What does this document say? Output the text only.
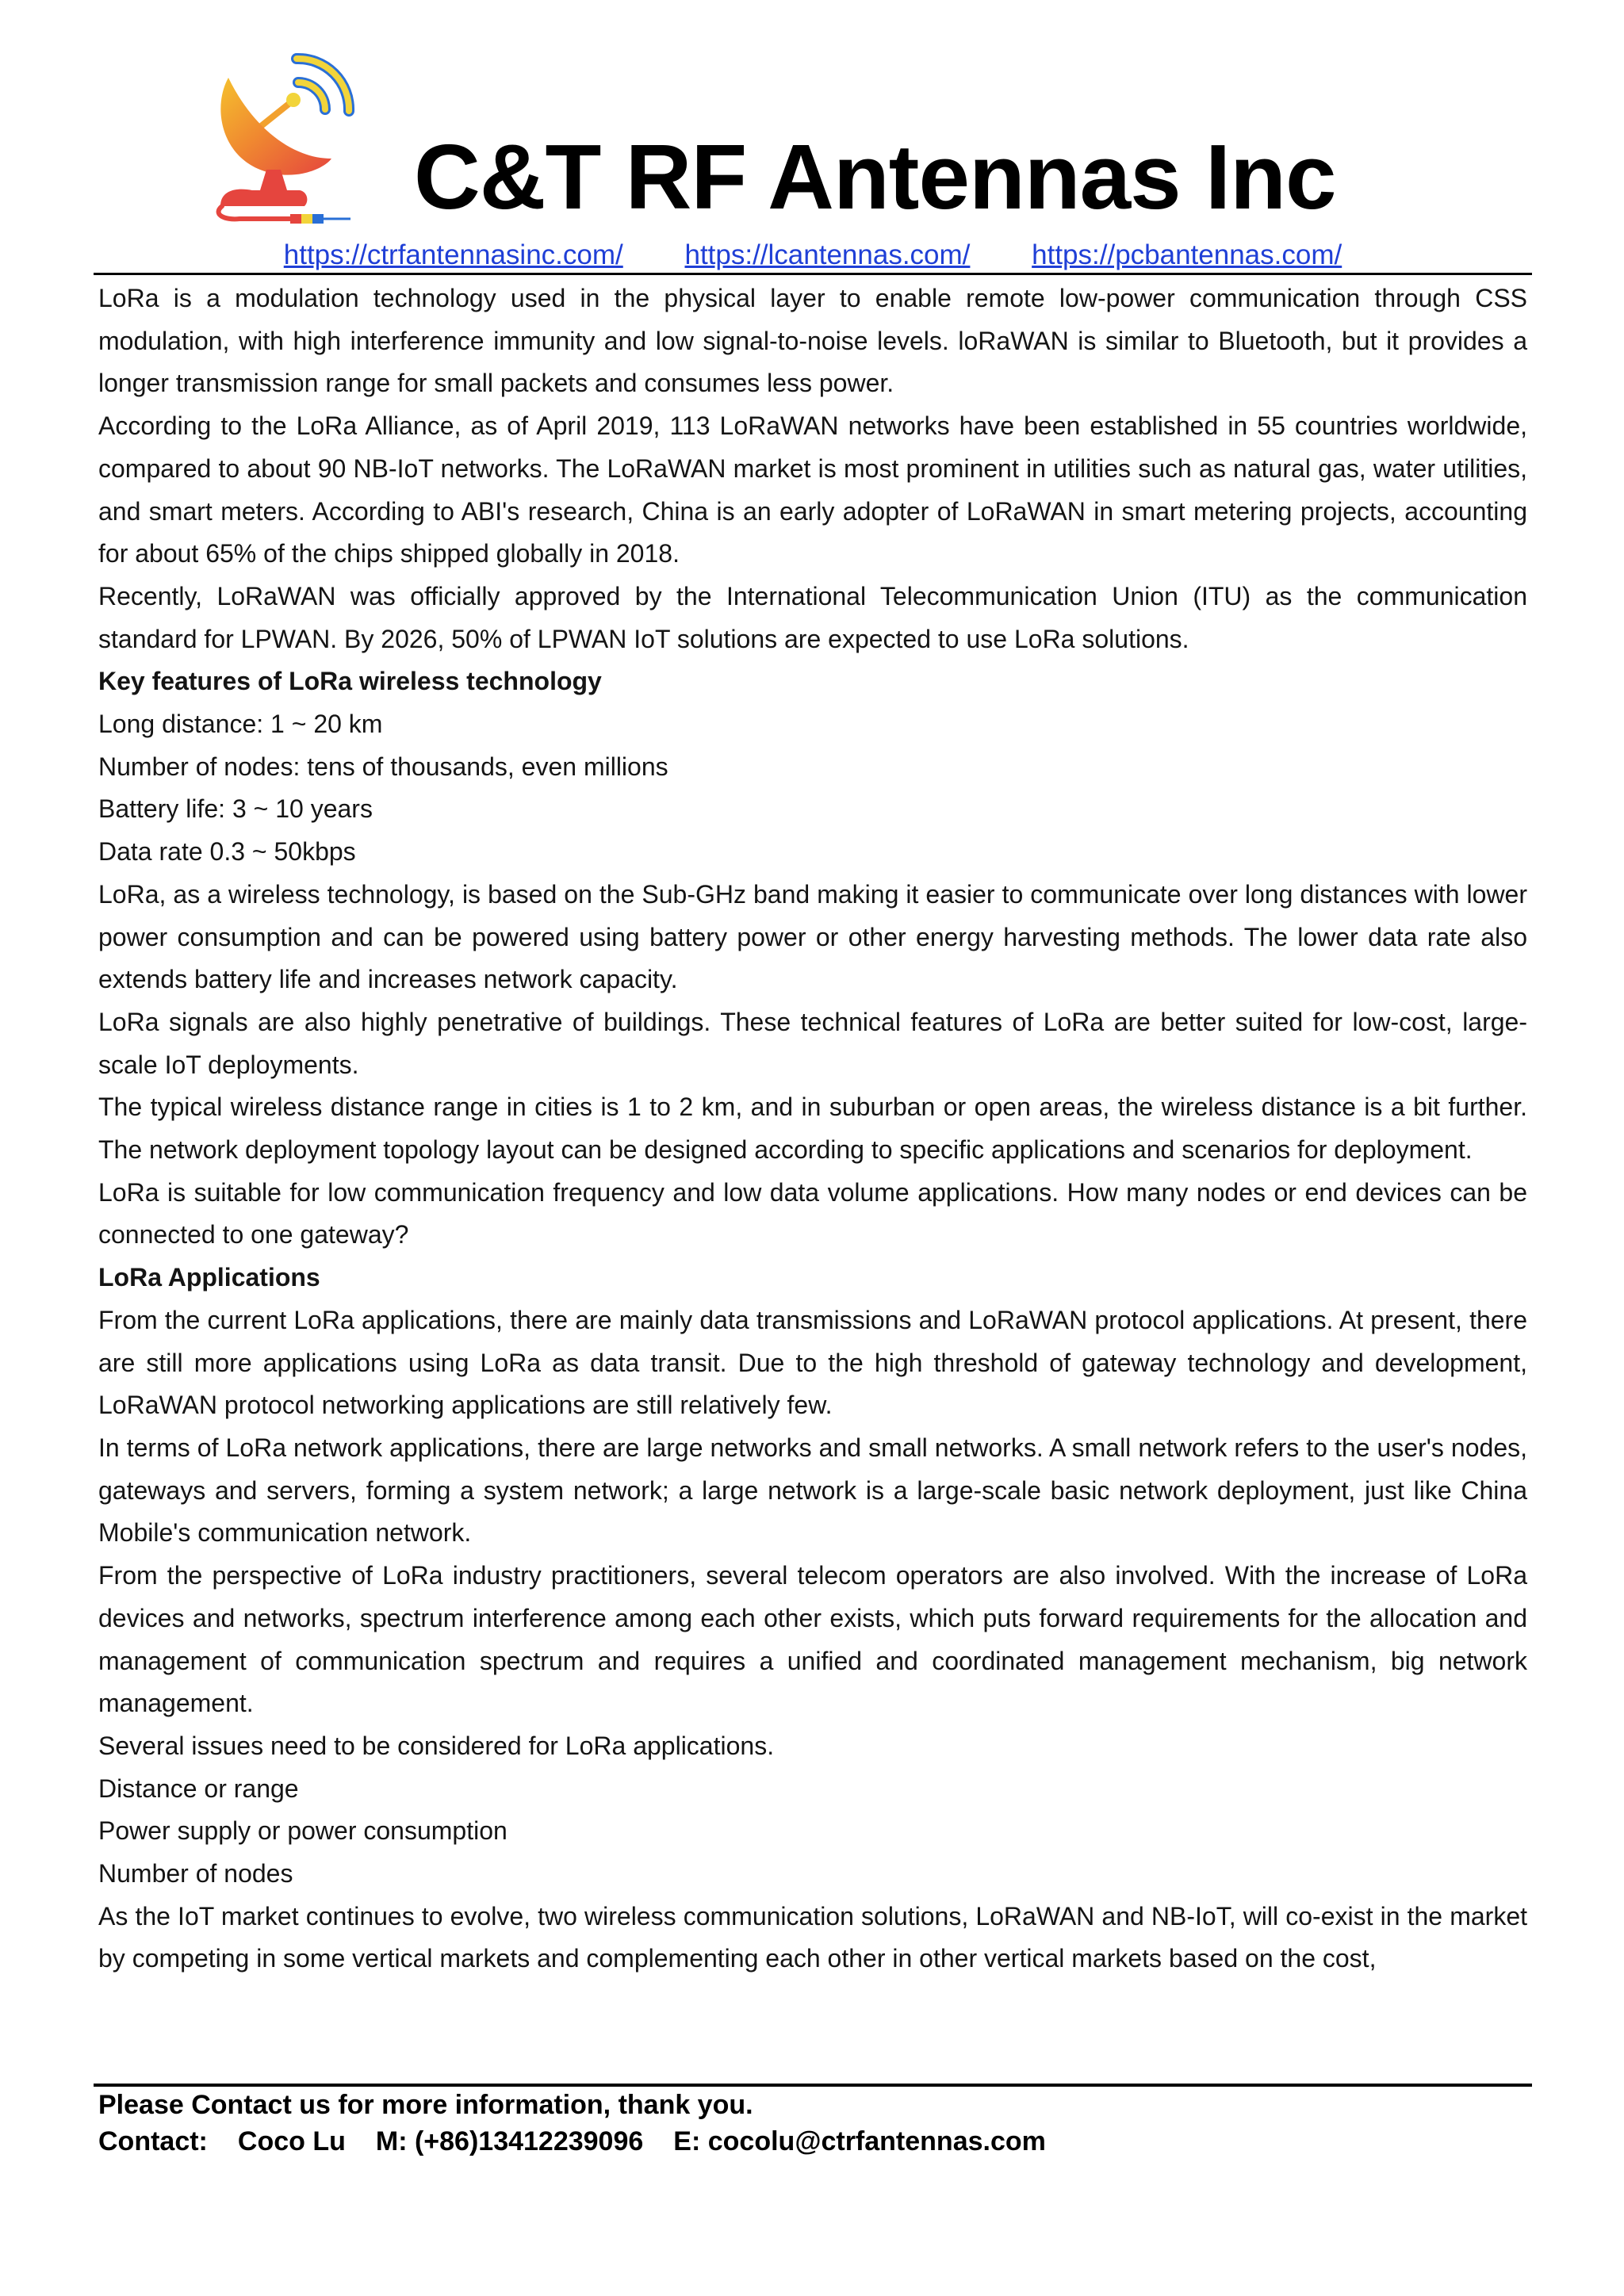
C&T RF Antennas Inc
https://ctrfantennasinc.com/ https://lcantennas.com/ https://pcbantennas.com/

LoRa is a modulation technology used in the physical layer to enable remote low-power communication through CSS modulation, with high interference immunity and low signal-to-noise levels. loRaWAN is similar to Bluetooth, but it provides a longer transmission range for small packets and consumes less power.

According to the LoRa Alliance, as of April 2019, 113 LoRaWAN networks have been established in 55 countries worldwide, compared to about 90 NB-IoT networks. The LoRaWAN market is most prominent in utilities such as natural gas, water utilities, and smart meters. According to ABI's research, China is an early adopter of LoRaWAN in smart metering projects, accounting for about 65% of the chips shipped globally in 2018.

Recently, LoRaWAN was officially approved by the International Telecommunication Union (ITU) as the communication standard for LPWAN. By 2026, 50% of LPWAN IoT solutions are expected to use LoRa solutions.

Key features of LoRa wireless technology

Long distance: 1 ~ 20 km

Number of nodes: tens of thousands, even millions

Battery life: 3 ~ 10 years

Data rate 0.3 ~ 50kbps

LoRa, as a wireless technology, is based on the Sub-GHz band making it easier to communicate over long distances with lower power consumption and can be powered using battery power or other energy harvesting methods. The lower data rate also extends battery life and increases network capacity.

LoRa signals are also highly penetrative of buildings. These technical features of LoRa are better suited for low-cost, large-scale IoT deployments.

The typical wireless distance range in cities is 1 to 2 km, and in suburban or open areas, the wireless distance is a bit further. The network deployment topology layout can be designed according to specific applications and scenarios for deployment.

LoRa is suitable for low communication frequency and low data volume applications. How many nodes or end devices can be connected to one gateway?

LoRa Applications

From the current LoRa applications, there are mainly data transmissions and LoRaWAN protocol applications. At present, there are still more applications using LoRa as data transit. Due to the high threshold of gateway technology and development, LoRaWAN protocol networking applications are still relatively few.

In terms of LoRa network applications, there are large networks and small networks. A small network refers to the user's nodes, gateways and servers, forming a system network; a large network is a large-scale basic network deployment, just like China Mobile's communication network.

From the perspective of LoRa industry practitioners, several telecom operators are also involved. With the increase of LoRa devices and networks, spectrum interference among each other exists, which puts forward requirements for the allocation and management of communication spectrum and requires a unified and coordinated management mechanism, big network management.

Several issues need to be considered for LoRa applications.

Distance or range

Power supply or power consumption

Number of nodes

As the IoT market continues to evolve, two wireless communication solutions, LoRaWAN and NB-IoT, will co-exist in the market by competing in some vertical markets and complementing each other in other vertical markets based on the cost,

Please Contact us for more information, thank you.

Contact: Coco Lu M: (+86)13412239096 E: cocolu@ctrfantennas.com
